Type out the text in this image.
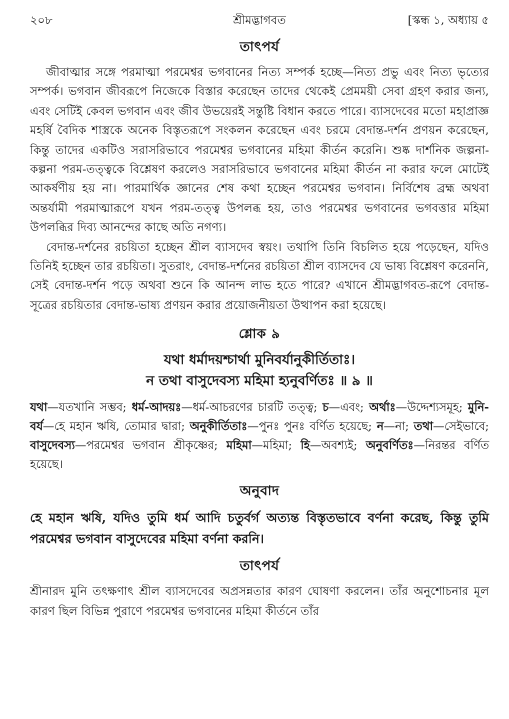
২০৮	শ্রীমদ্ভাগবত	[স্কন্ধ ১, অধ্যায় ৫
তাৎপর্য

জীবাত্মার সঙ্গে পরমাত্মা পরমেশ্বর ভগবানের নিত্য সম্পর্ক হচ্ছে—নিত্য প্রভু এবং নিত্য ভৃত্যের সম্পর্ক। ভগবান জীবরূপে নিজেকে বিস্তার করেছেন তাদের থেকেই প্রেমময়ী সেবা গ্রহণ করার জন্য, এবং সেটিই কেবল ভগবান এবং জীব উভয়েরই সন্তুষ্টি বিধান করতে পারে। ব্যাসদেবের মতো মহাপ্রাজ্ঞ মহর্ষি বৈদিক শাস্ত্রকে অনেক বিস্তৃতরূপে সংকলন করেছেন এবং চরমে বেদান্ত-দর্শন প্রণয়ন করেছেন, কিন্তু তাদের একটিও সরাসরিভাবে পরমেশ্বর ভগবানের মহিমা কীর্তন করেনি। শুষ্ক দার্শনিক জল্পনা-কল্পনা পরম-তত্ত্বকে বিশ্লেষণ করলেও সরাসরিভাবে ভগবানের মহিমা কীর্তন না করার ফলে মোটেই আকর্ষণীয় হয় না। পারমার্থিক জ্ঞানের শেষ কথা হচ্ছেন পরমেশ্বর ভগবান। নির্বিশেষ ব্রহ্ম অথবা অন্তর্যামী পরমাত্মারূপে যখন পরম-তত্ত্ব উপলব্ধ হয়, তাও পরমেশ্বর ভগবানের ভগবত্তার মহিমা উপলব্ধির দিব্য আনন্দের কাছে অতি নগণ্য।

বেদান্ত-দর্শনের রচয়িতা হচ্ছেন শ্রীল ব্যাসদেব স্বয়ং। তথাপি তিনি বিচলিত হয়ে পড়েছেন, যদিও তিনিই হচ্ছেন তার রচয়িতা। সুতরাং, বেদান্ত-দর্শনের রচয়িতা শ্রীল ব্যাসদেব যে ভাষ্য বিশ্লেষণ করেননি, সেই বেদান্ত-দর্শন পড়ে অথবা শুনে কি আনন্দ লাভ হতে পারে? এখানে শ্রীমদ্ভাগবত-রূপে বেদান্ত-সূত্রের রচয়িতার বেদান্ত-ভাষ্য প্রণয়ন করার প্রয়োজনীয়তা উত্থাপন করা হয়েছে।

শ্লোক ৯

যথা ধর্মাদয়শ্চার্থা মুনিবর্যানুকীর্তিতাঃ।

ন তথা বাসুদেবস্য মহিমা হ্যনুবর্ণিতঃ ॥ ৯ ॥

যথা—যতখানি সম্ভব; ধর্ম-আদয়ঃ—ধর্ম-আচরণের চারটি তত্ত্ব; চ—এবং; অর্থাঃ—উদ্দেশ্যসমূহ; মুনি-বর্য—হে মহান ঋষি, তোমার দ্বারা; অনুকীর্তিতাঃ—পুনঃ পুনঃ বর্ণিত হয়েছে; ন—না; তথা—সেইভাবে; বাসুদেবস্য—পরমেশ্বর ভগবান শ্রীকৃষ্ণের; মহিমা—মহিমা; হি—অবশ্যই; অনুবর্ণিতঃ—নিরন্তর বর্ণিত হয়েছে।

অনুবাদ

হে মহান ঋষি, যদিও তুমি ধর্ম আদি চতুর্বর্গ অত্যন্ত বিস্তৃতভাবে বর্ণনা করেছ, কিন্তু তুমি পরমেশ্বর ভগবান বাসুদেবের মহিমা বর্ণনা করনি।

তাৎপর্য

শ্রীনারদ মুনি তৎক্ষণাৎ শ্রীল ব্যাসদেবের অপ্রসন্নতার কারণ ঘোষণা করলেন। তাঁর অনুশোচনার মূল কারণ ছিল বিভিন্ন পুরাণে পরমেশ্বর ভগবানের মহিমা কীর্তনে তাঁর
